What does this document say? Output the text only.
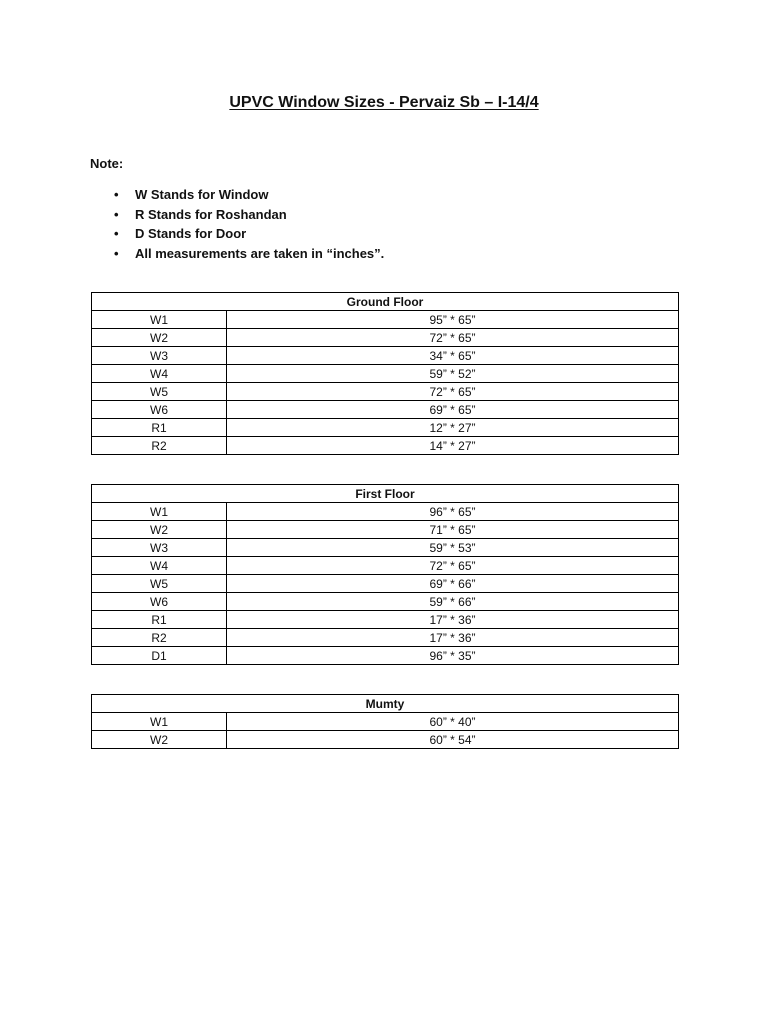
UPVC Window Sizes - Pervaiz Sb – I-14/4

Note:

• W Stands for Window
• R Stands for Roshandan
• D Stands for Door
• All measurements are taken in “inches”.
Ground Floor	
W1	95” * 65”
W2	72” * 65”
W3	34” * 65”
W4	59” * 52”
W5	72” * 65”
W6	69” * 65”
R1	12” * 27”
R2	14” * 27”
First Floor	
W1	96” * 65”
W2	71” * 65”
W3	59” * 53”
W4	72” * 65”
W5	69” * 66”
W6	59” * 66”
R1	17” * 36”
R2	17” * 36”
D1	96” * 35”
Mumty	
W1	60” * 40”
W2	60” * 54”
